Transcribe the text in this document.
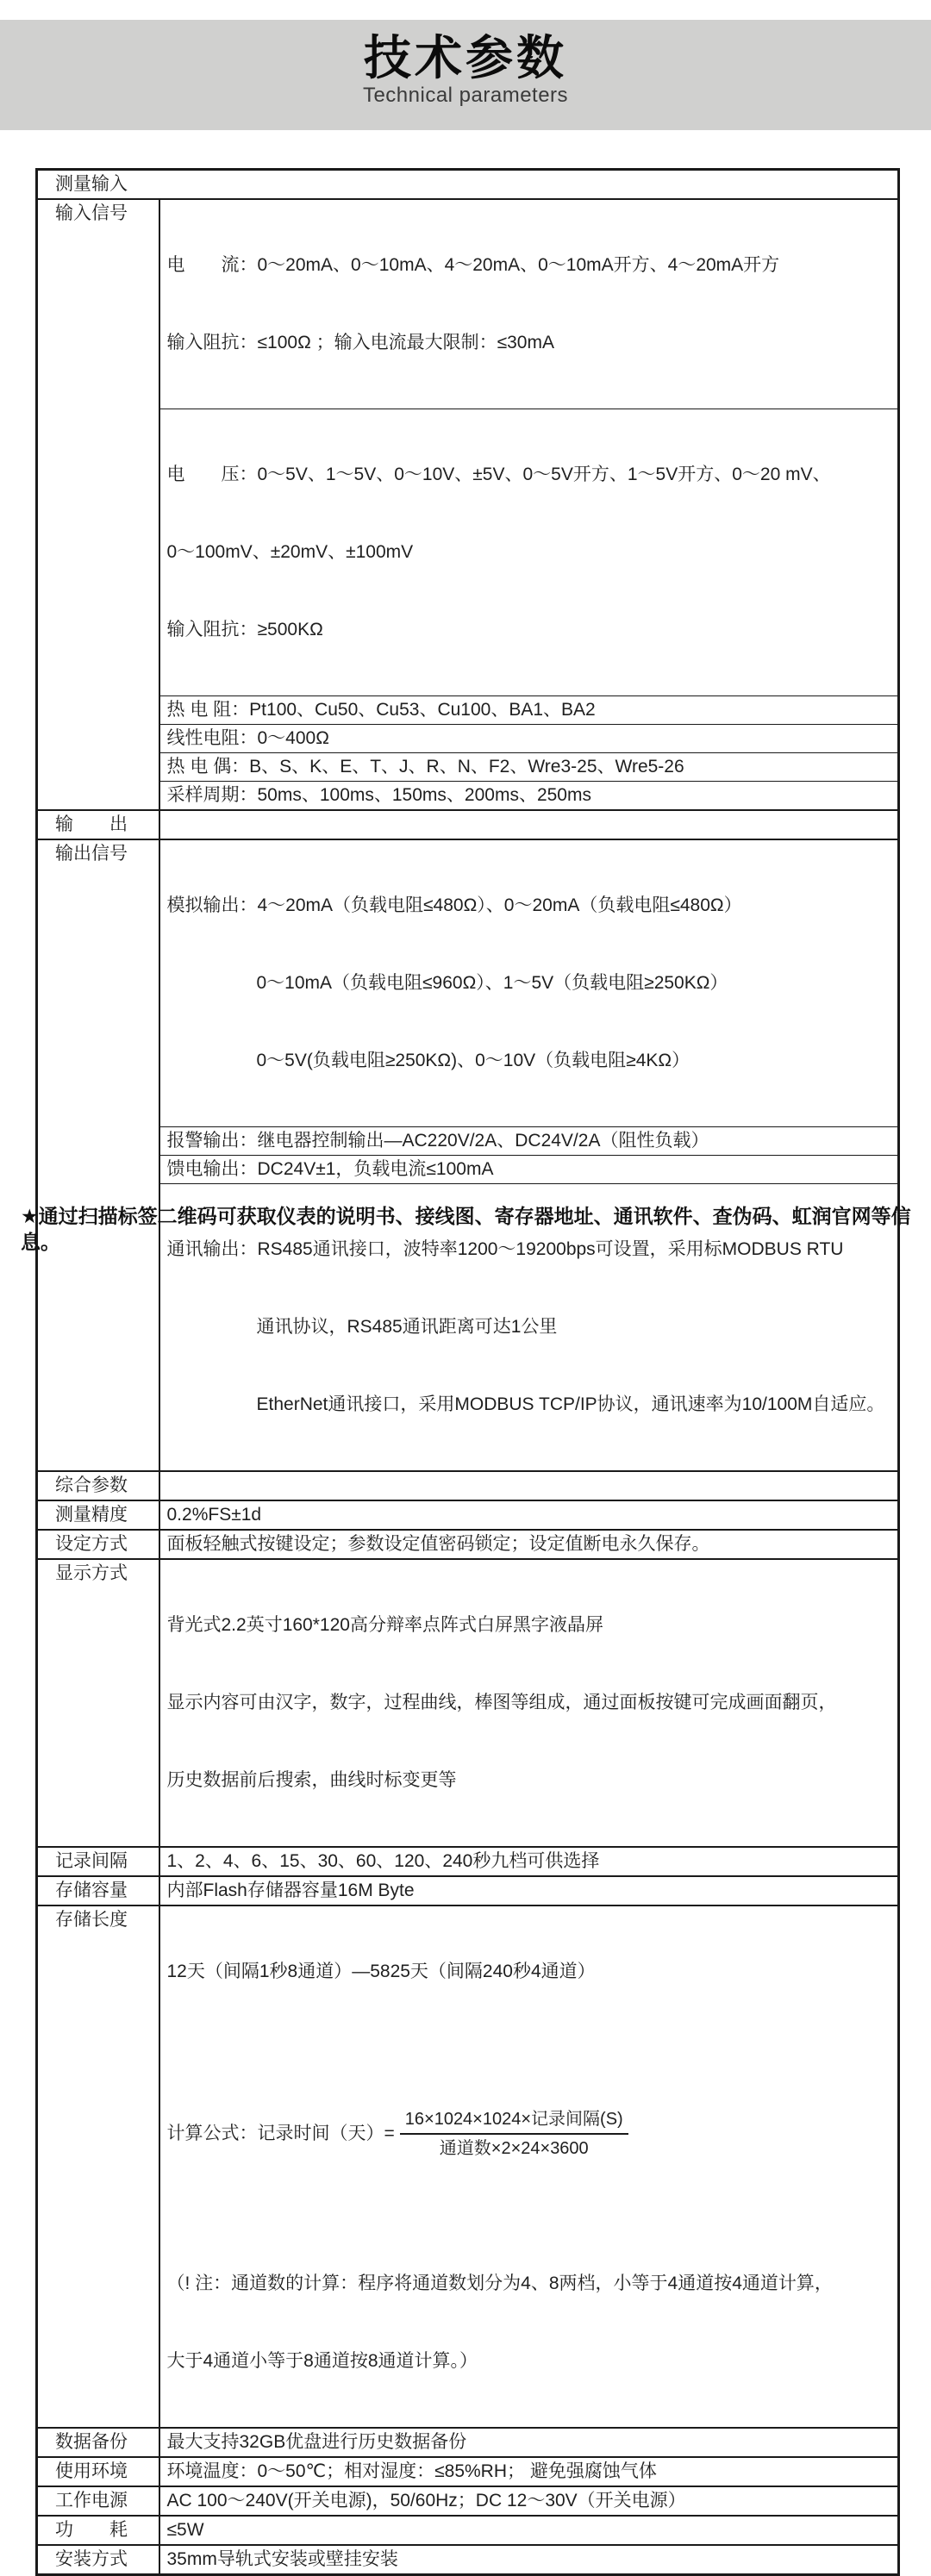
技术参数
Technical parameters
测量输入	
输入信号	电　　流：0～20mA、0～10mA、4～20mA、0～10mA开方、4～20mA开方

输入阻抗：≤100Ω ；输入电流最大限制：≤30mA

	电　　压：0～5V、1～5V、0～10V、±5V、0～5V开方、1～5V开方、0～20 mV、

0～100mV、±20mV、±100mV

输入阻抗：≥500KΩ

	热 电 阻：Pt100、Cu50、Cu53、Cu100、BA1、BA2
	线性电阻：0～400Ω
	热 电 偶：B、S、K、E、T、J、R、N、F2、Wre3-25、Wre5-26
	采样周期：50ms、100ms、150ms、200ms、250ms
输　　出	
输出信号	模拟输出：4～20mA（负载电阻≤480Ω）、0～20mA（负载电阻≤480Ω）

0～10mA（负载电阻≤960Ω）、1～5V（负载电阻≥250KΩ）

0～5V(负载电阻≥250KΩ)、0～10V（负载电阻≥4KΩ）

	报警输出：继电器控制输出—AC220V/2A、DC24V/2A（阻性负载）
	馈电输出：DC24V±1，负载电流≤100mA

	通讯输出：RS485通讯接口，波特率1200～19200bps可设置，采用标MODBUS RTU

通讯协议，RS485通讯距离可达1公里

EtherNet通讯接口，采用MODBUS TCP/IP协议，通讯速率为10/100M自适应。

综合参数	
测量精度	0.2%FS±1d
设定方式	面板轻触式按键设定；参数设定值密码锁定；设定值断电永久保存。
显示方式	背光式2.2英寸160*120高分辩率点阵式白屏黑字液晶屏

显示内容可由汉字，数字，过程曲线，棒图等组成，通过面板按键可完成画面翻页，

历史数据前后搜索，曲线时标变更等

记录间隔	1、2、4、6、15、30、60、120、240秒九档可供选择
存储容量	内部Flash存储器容量16M Byte
存储长度	

12天（间隔1秒8通道）—5825天（间隔240秒4通道）

计算公式：记录时间（天）= $\frac{\text{16×1024×1024×记录间隔(S)}}{\text{通道数×2×24×3600}}$

（! 注：通道数的计算：程序将通道数划分为4、8两档，小等于4通道按4通道计算，

大于4通道小等于8通道按8通道计算。）

数据备份	最大支持32GB优盘进行历史数据备份
使用环境	环境温度：0～50℃；相对湿度：≤85%RH； 避免强腐蚀气体
工作电源	AC 100～240V(开关电源)，50/60Hz；DC 12～30V（开关电源）
功　　耗	≤5W
安装方式	35mm导轨式安装或壁挂安装
★通过扫描标签二维码可获取仪表的说明书、接线图、寄存器地址、通讯软件、查伪码、虹润官网等信息。
